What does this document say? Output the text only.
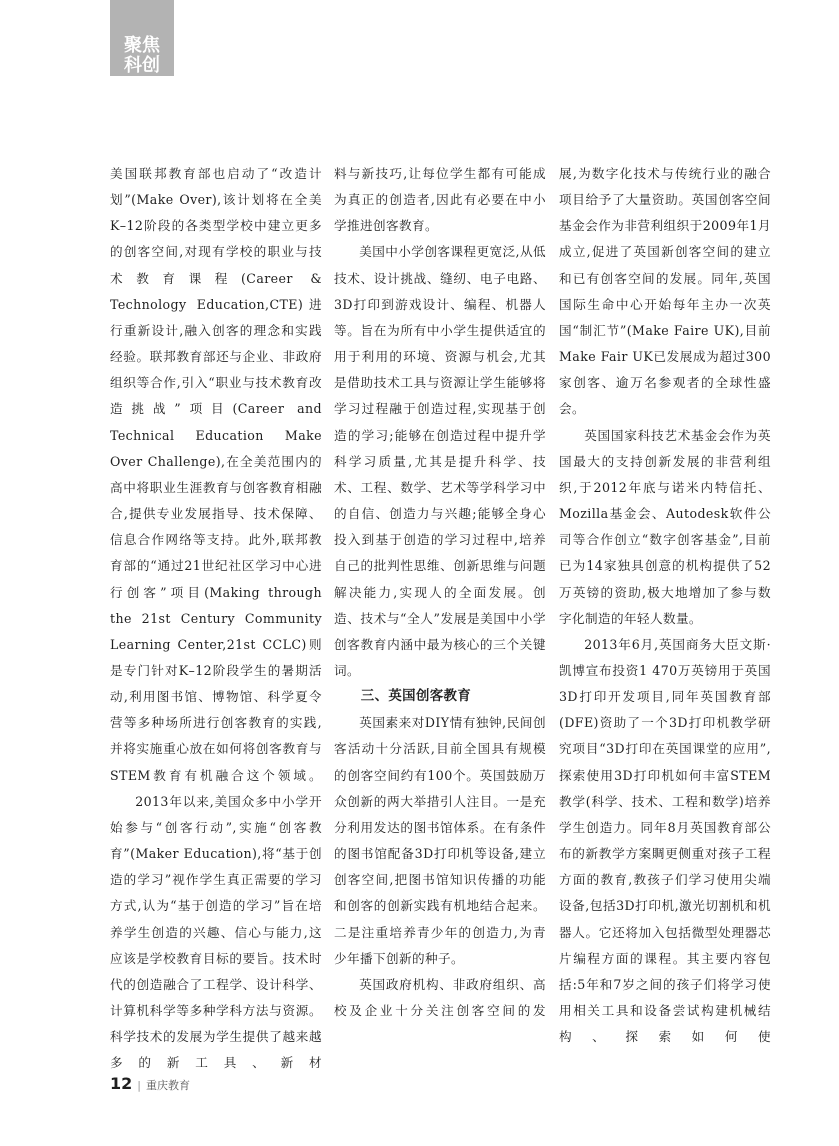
聚焦
科创

美国联邦教育部也启动了“改造计划”(Make Over),该计划将在全美K–12阶段的各类型学校中建立更多的创客空间,对现有学校的职业与技术教育课程(Career & Technology Education,CTE)进行重新设计,融入创客的理念和实践经验。联邦教育部还与企业、非政府组织等合作,引入“职业与技术教育改造挑战”项目(Career and Technical Education Make Over Challenge),在全美范围内的高中将职业生涯教育与创客教育相融合,提供专业发展指导、技术保障、信息合作网络等支持。此外,联邦教育部的“通过21世纪社区学习中心进行创客”项目(Making through the 21st Century Community Learning Center,21st CCLC)则是专门针对K–12阶段学生的暑期活动,利用图书馆、博物馆、科学夏令营等多种场所进行创客教育的实践,并将实施重心放在如何将创客教育与STEM教育有机融合这个领域。

2013年以来,美国众多中小学开始参与“创客行动”,实施“创客教育”(Maker Education),将“基于创造的学习”视作学生真正需要的学习方式,认为“基于创造的学习”旨在培养学生创造的兴趣、信心与能力,这应该是学校教育目标的要旨。技术时代的创造融合了工程学、设计科学、计算机科学等多种学科方法与资源。科学技术的发展为学生提供了越来越多的新工具、新材

料与新技巧,让每位学生都有可能成为真正的创造者,因此有必要在中小学推进创客教育。

美国中小学创客课程更宽泛,从低技术、设计挑战、缝纫、电子电路、3D打印到游戏设计、编程、机器人等。旨在为所有中小学生提供适宜的用于利用的环境、资源与机会,尤其是借助技术工具与资源让学生能够将学习过程融于创造过程,实现基于创造的学习;能够在创造过程中提升学科学习质量,尤其是提升科学、技术、工程、数学、艺术等学科学习中的自信、创造力与兴趣;能够全身心投入到基于创造的学习过程中,培养自己的批判性思维、创新思维与问题解决能力,实现人的全面发展。创造、技术与“全人”发展是美国中小学创客教育内涵中最为核心的三个关键词。

三、英国创客教育

英国素来对DIY情有独钟,民间创客活动十分活跃,目前全国具有规模的创客空间约有100个。英国鼓励万众创新的两大举措引人注目。一是充分利用发达的图书馆体系。在有条件的图书馆配备3D打印机等设备,建立创客空间,把图书馆知识传播的功能和创客的创新实践有机地结合起来。二是注重培养青少年的创造力,为青少年播下创新的种子。

英国政府机构、非政府组织、高校及企业十分关注创客空间的发

展,为数字化技术与传统行业的融合项目给予了大量资助。英国创客空间基金会作为非营利组织于2009年1月成立,促进了英国新创客空间的建立和已有创客空间的发展。同年,英国国际生命中心开始每年主办一次英国“制汇节”(Make Faire UK),目前Make Fair UK已发展成为超过300家创客、逾万名参观者的全球性盛会。

英国国家科技艺术基金会作为英国最大的支持创新发展的非营利组织,于2012年底与诺米内特信托、Mozilla基金会、Autodesk软件公司等合作创立“数字创客基金”,目前已为14家独具创意的机构提供了52万英镑的资助,极大地增加了参与数字化制造的年轻人数量。

2013年6月,英国商务大臣文斯·凯博宣布投资1 470万英镑用于英国3D打印开发项目,同年英国教育部(DFE)资助了一个3D打印机教学研究项目“3D打印在英国课堂的应用”,探索使用3D打印机如何丰富STEM教学(科学、技术、工程和数学)培养学生创造力。同年8月英国教育部公布的新教学方案賙更侧重对孩子工程方面的教育,教孩子们学习使用尖端设备,包括3D打印机,激光切割机和机器人。它还将加入包括微型处理器芯片编程方面的课程。其主要内容包括:5年和7岁之间的孩子们将学习使用相关工具和设备尝试构建机械结构、探索如何使

12 | 重庆教育
